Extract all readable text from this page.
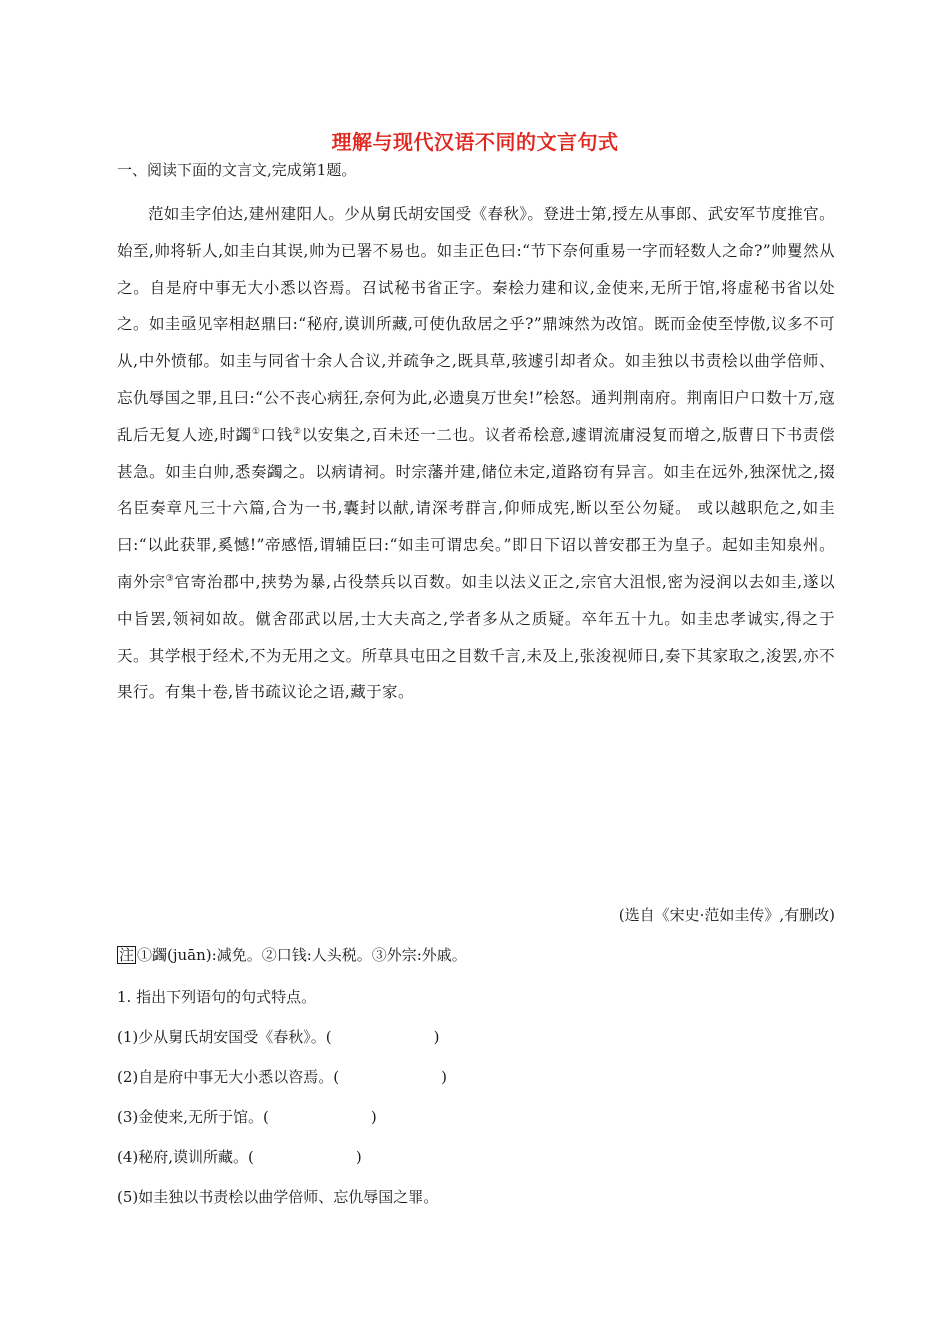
理解与现代汉语不同的文言句式
一、阅读下面的文言文,完成第1题。

范如圭字伯达,建州建阳人。少从舅氏胡安国受《春秋》。登进士第,授左从事郎、武安军节度推官。始至,帅将斩人,如圭白其误,帅为已署不易也。如圭正色曰:“节下奈何重易一字而轻数人之命?”帅矍然从之。自是府中事无大小悉以咨焉。召试秘书省正字。秦桧力建和议,金使来,无所于馆,将虚秘书省以处之。如圭亟见宰相赵鼎曰:“秘府,谟训所藏,可使仇敌居之乎?”鼎竦然为改馆。既而金使至悖傲,议多不可从,中外愤郁。如圭与同省十余人合议,并疏争之,既具草,骇遽引却者众。如圭独以书责桧以曲学倍师、忘仇辱国之罪,且曰:“公不丧心病狂,奈何为此,必遗臭万世矣!”桧怒。通判荆南府。荆南旧户口数十万,寇乱后无复人迹,时蠲①口钱②以安集之,百未还一二也。议者希桧意,遽谓流庸浸复而增之,版曹日下书责偿甚急。如圭白帅,悉奏蠲之。以病请祠。时宗藩并建,储位未定,道路窃有异言。如圭在远外,独深忧之,掇名臣奏章凡三十六篇,合为一书,囊封以献,请深考群言,仰师成宪,断以至公勿疑。 或以越职危之,如圭曰:“以此获罪,奚憾!”帝感悟,谓辅臣曰:“如圭可谓忠矣。”即日下诏以普安郡王为皇子。起如圭知泉州。南外宗③官寄治郡中,挟势为暴,占役禁兵以百数。如圭以法义正之,宗官大沮恨,密为浸润以去如圭,遂以中旨罢,领祠如故。僦舍邵武以居,士大夫高之,学者多从之质疑。卒年五十九。如圭忠孝诚实,得之于天。其学根于经术,不为无用之文。所草具屯田之目数千言,未及上,张浚视师日,奏下其家取之,浚罢,亦不果行。有集十卷,皆书疏议论之语,藏于家。

(选自《宋史·范如圭传》,有删改)
注 ①蠲(juān):减免。②口钱:人头税。③外宗:外戚。
1. 指出下列语句的句式特点。
(1)少从舅氏胡安国受《春秋》。(	)
(2)自是府中事无大小悉以咨焉。(	)
(3)金使来,无所于馆。(	)
(4)秘府,谟训所藏。(	)
(5)如圭独以书责桧以曲学倍师、忘仇辱国之罪。
